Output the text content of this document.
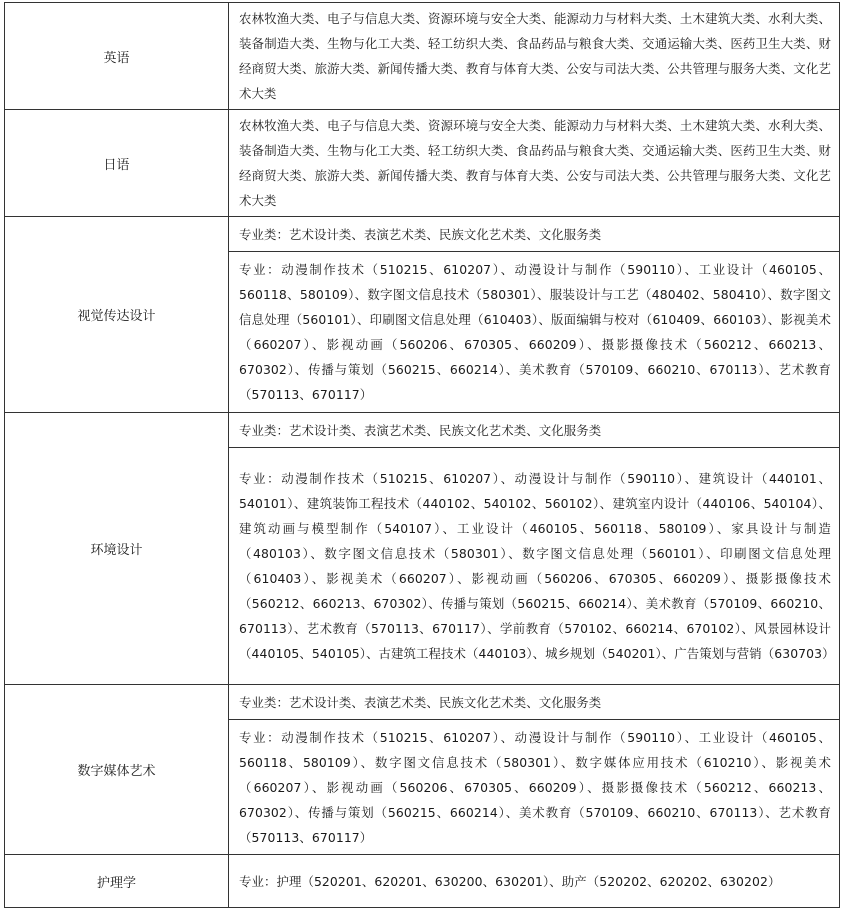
英语	农林牧渔大类、电子与信息大类、资源环境与安全大类、能源动力与材料大类、土木建筑大类、水利大类、装备制造大类、生物与化工大类、轻工纺织大类、食品药品与粮食大类、交通运输大类、医药卫生大类、财经商贸大类、旅游大类、新闻传播大类、教育与体育大类、公安与司法大类、公共管理与服务大类、文化艺术大类
日语	农林牧渔大类、电子与信息大类、资源环境与安全大类、能源动力与材料大类、土木建筑大类、水利大类、装备制造大类、生物与化工大类、轻工纺织大类、食品药品与粮食大类、交通运输大类、医药卫生大类、财经商贸大类、旅游大类、新闻传播大类、教育与体育大类、公安与司法大类、公共管理与服务大类、文化艺术大类
视觉传达设计	专业类：艺术设计类、表演艺术类、民族文化艺术类、文化服务类
	专业：动漫制作技术（510215、610207）、动漫设计与制作（590110）、工业设计（460105、560118、580109）、数字图文信息技术（580301）、服装设计与工艺（480402、580410）、数字图文信息处理（560101）、印刷图文信息处理（610403）、版面编辑与校对（610409、660103）、影视美术（660207）、影视动画（560206、670305、660209）、摄影摄像技术（560212、660213、670302）、传播与策划（560215、660214）、美术教育（570109、660210、670113）、艺术教育（570113、670117）
环境设计	专业类：艺术设计类、表演艺术类、民族文化艺术类、文化服务类
	专业：动漫制作技术（510215、610207）、动漫设计与制作（590110）、建筑设计（440101、540101）、建筑装饰工程技术（440102、540102、560102）、建筑室内设计（440106、540104）、建筑动画与模型制作（540107）、工业设计（460105、560118、580109）、家具设计与制造（480103）、数字图文信息技术（580301）、数字图文信息处理（560101）、印刷图文信息处理（610403）、影视美术（660207）、影视动画（560206、670305、660209）、摄影摄像技术（560212、660213、670302）、传播与策划（560215、660214）、美术教育（570109、660210、670113）、艺术教育（570113、670117）、学前教育（570102、660214、670102）、风景园林设计（440105、540105）、古建筑工程技术（440103）、城乡规划（540201）、广告策划与营销（630703）
数字媒体艺术	专业类：艺术设计类、表演艺术类、民族文化艺术类、文化服务类
	专业：动漫制作技术（510215、610207）、动漫设计与制作（590110）、工业设计（460105、560118、580109）、数字图文信息技术（580301）、数字媒体应用技术（610210）、影视美术（660207）、影视动画（560206、670305、660209）、摄影摄像技术（560212、660213、670302）、传播与策划（560215、660214）、美术教育（570109、660210、670113）、艺术教育（570113、670117）
护理学	专业：护理（520201、620201、630200、630201）、助产（520202、620202、630202）
